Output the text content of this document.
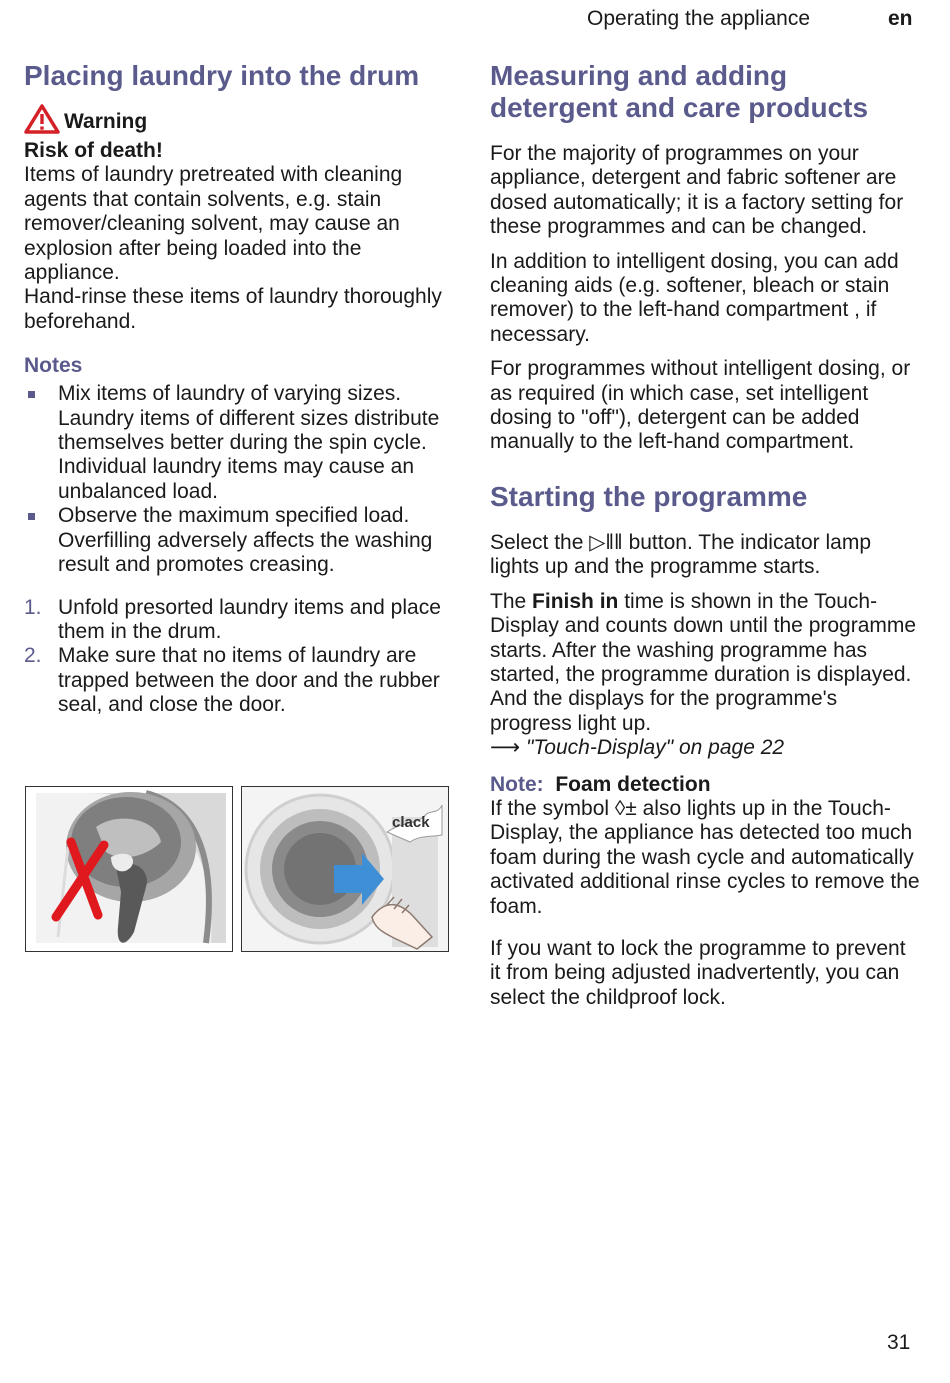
Operating the appliance	en
Placing laundry into the drum
Warning

Risk of death!

Items of laundry pretreated with cleaning agents that contain solvents, e.g. stain remover/cleaning solvent, may cause an explosion after being loaded into the appliance.

Hand-rinse these items of laundry thoroughly beforehand.

Notes
Mix items of laundry of varying sizes. Laundry items of different sizes distribute themselves better during the spin cycle. Individual laundry items may cause an unbalanced load.
Observe the maximum specified load. Overfilling adversely affects the washing result and promotes creasing.
1. Unfold presorted laundry items and place them in the drum.
2. Make sure that no items of laundry are trapped between the door and the rubber seal, and close the door.
clack
Measuring and adding detergent and care products

For the majority of programmes on your appliance, detergent and fabric softener are dosed automatically; it is a factory setting for these programmes and can be changed.

In addition to intelligent dosing, you can add cleaning aids (e.g. softener, bleach or stain remover) to the left-hand compartment , if necessary.

For programmes without intelligent dosing, or as required (in which case, set intelligent dosing to "off"), detergent can be added manually to the left-hand compartment.

Starting the programme

Select the ▷ǁǁ button. The indicator lamp lights up and the programme starts.

The Finish in time is shown in the Touch-Display and counts down until the programme starts. After the washing programme has started, the programme duration is displayed. And the displays for the programme's progress light up.
⟶ "Touch-Display" on page 22

Note: Foam detection

If the symbol ◊± also lights up in the Touch-Display, the appliance has detected too much foam during the wash cycle and automatically activated additional rinse cycles to remove the foam.

If you want to lock the programme to prevent it from being adjusted inadvertently, you can select the childproof lock.

31
